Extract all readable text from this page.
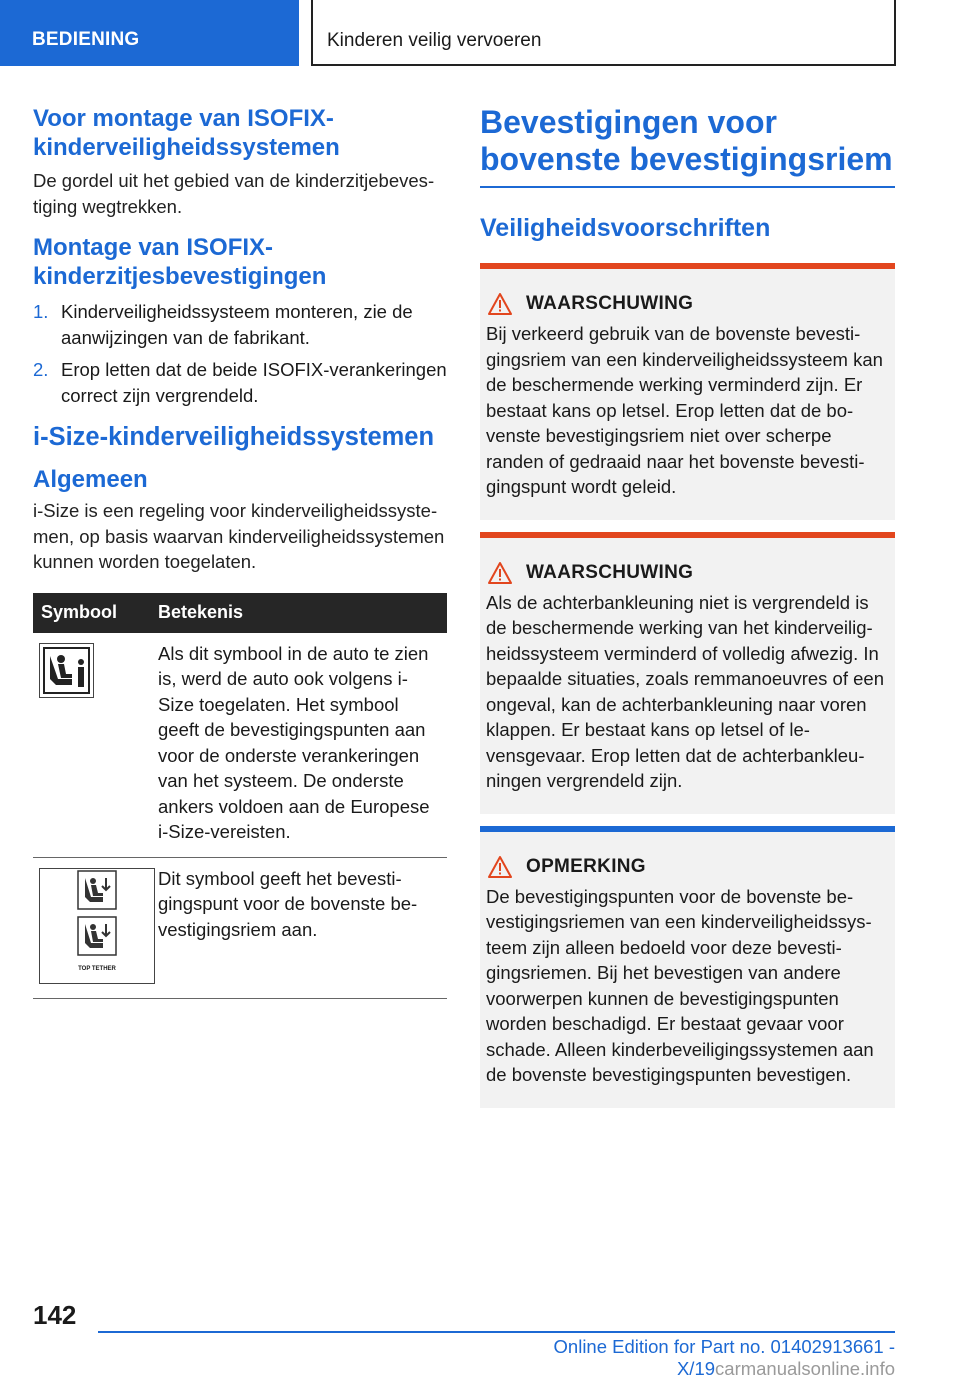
BEDIENING	Kinderen veilig vervoeren
Voor montage van ISOFIX-kinderveiligheidssystemen

De gordel uit het gebied van de kinderzitjebevestiging wegtrekken.

Montage van ISOFIX-kinderzitjesbevestigingen
1. Kinderveiligheidssysteem monteren, zie de aanwijzingen van de fabrikant.
2. Erop letten dat de beide ISOFIX-verankeringen correct zijn vergrendeld.
i-Size-kinderveiligheidssystemen
Algemeen

i-Size is een regeling voor kinderveiligheidssystemen, op basis waarvan kinderveiligheidssystemen kunnen worden toegelaten.

Symbool	Betekenis

	Als dit symbool in de auto te zien is, werd de auto ook volgens i-Size toegelaten. Het symbool geeft de bevestigingspunten aan voor de onderste verankeringen van het systeem. De onderste ankers voldoen aan de Europese i-Size-vereisten.

TOP TETHER	Dit symbool geeft het bevestigingspunt voor de bovenste bevestigingsriem aan.
Bevestigingen voor bovenste bevestigingsriem
Veiligheidsvoorschriften
WAARSCHUWING

Bij verkeerd gebruik van de bovenste bevestigingsriem van een kinderveiligheidssysteem kan de beschermende werking verminderd zijn. Er bestaat kans op letsel. Erop letten dat de bovenste bevestigingsriem niet over scherpe randen of gedraaid naar het bovenste bevestigingspunt wordt geleid.

WAARSCHUWING

Als de achterbankleuning niet is vergrendeld is de beschermende werking van het kinderveiligheidssysteem verminderd of volledig afwezig. In bepaalde situaties, zoals remmanoeuvres of een ongeval, kan de achterbankleuning naar voren klappen. Er bestaat kans op letsel of levensgevaar. Erop letten dat de achterbankleuningen vergrendeld zijn.

OPMERKING

De bevestigingspunten voor de bovenste bevestigingsriemen van een kinderveiligheidssysteem zijn alleen bedoeld voor deze bevestigingsriemen. Bij het bevestigen van andere voorwerpen kunnen de bevestigingspunten worden beschadigd. Er bestaat gevaar voor schade. Alleen kinderbeveiligingssystemen aan de bovenste bevestigingspunten bevestigen.

142
Online Edition for Part no. 01402913661 - X/19carmanualsonline.info
